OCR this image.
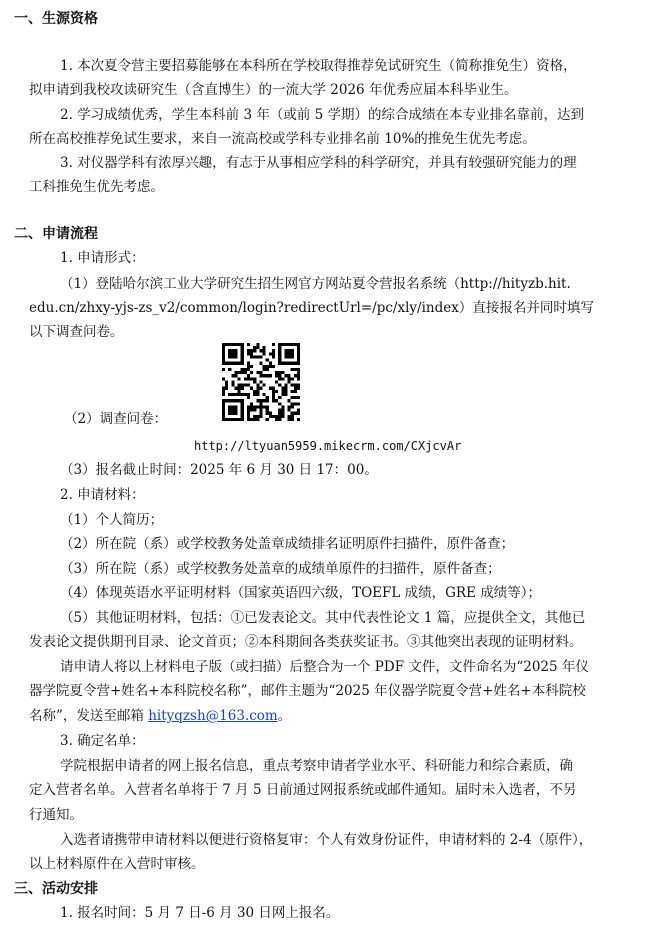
一、生源资格
1. 本次夏令营主要招募能够在本科所在学校取得推荐免试研究生（简称推免生）资格，
拟申请到我校攻读研究生（含直博生）的一流大学 2026 年优秀应届本科毕业生。
2. 学习成绩优秀，学生本科前 3 年（或前 5 学期）的综合成绩在本专业排名靠前，达到
所在高校推荐免试生要求，来自一流高校或学科专业排名前 10%的推免生优先考虑。
3. 对仪器学科有浓厚兴趣，有志于从事相应学科的科学研究，并具有较强研究能力的理
工科推免生优先考虑。
二、申请流程
1. 申请形式：
（1）登陆哈尔滨工业大学研究生招生网官方网站夏令营报名系统（http://hityzb.hit.
edu.cn/zhxy-yjs-zs_v2/common/login?redirectUrl=/pc/xly/index）直接报名并同时填写
以下调查问卷。
（2）调查问卷：
http://ltyuan5959.mikecrm.com/CXjcvAr
（3）报名截止时间：2025 年 6 月 30 日 17：00。
2. 申请材料：
（1）个人简历；
（2）所在院（系）或学校教务处盖章成绩排名证明原件扫描件，原件备查；
（3）所在院（系）或学校教务处盖章的成绩单原件的扫描件，原件备查；
（4）体现英语水平证明材料（国家英语四六级，TOEFL 成绩，GRE 成绩等）；
（5）其他证明材料，包括：①已发表论文。其中代表性论文 1 篇，应提供全文，其他已
发表论文提供期刊目录、论文首页；②本科期间各类获奖证书。③其他突出表现的证明材料。
请申请人将以上材料电子版（或扫描）后整合为一个 PDF 文件，文件命名为“2025 年仪
器学院夏令营+姓名+本科院校名称”，邮件主题为“2025 年仪器学院夏令营+姓名+本科院校
名称”，发送至邮箱 hityqzsh@163.com。
3. 确定名单：
学院根据申请者的网上报名信息，重点考察申请者学业水平、科研能力和综合素质，确
定入营者名单。入营者名单将于 7 月 5 日前通过网报系统或邮件通知。届时未入选者，不另
行通知。
入选者请携带申请材料以便进行资格复审：个人有效身份证件，申请材料的 2-4（原件），
以上材料原件在入营时审核。
三、活动安排
1. 报名时间：5 月 7 日-6 月 30 日网上报名。
